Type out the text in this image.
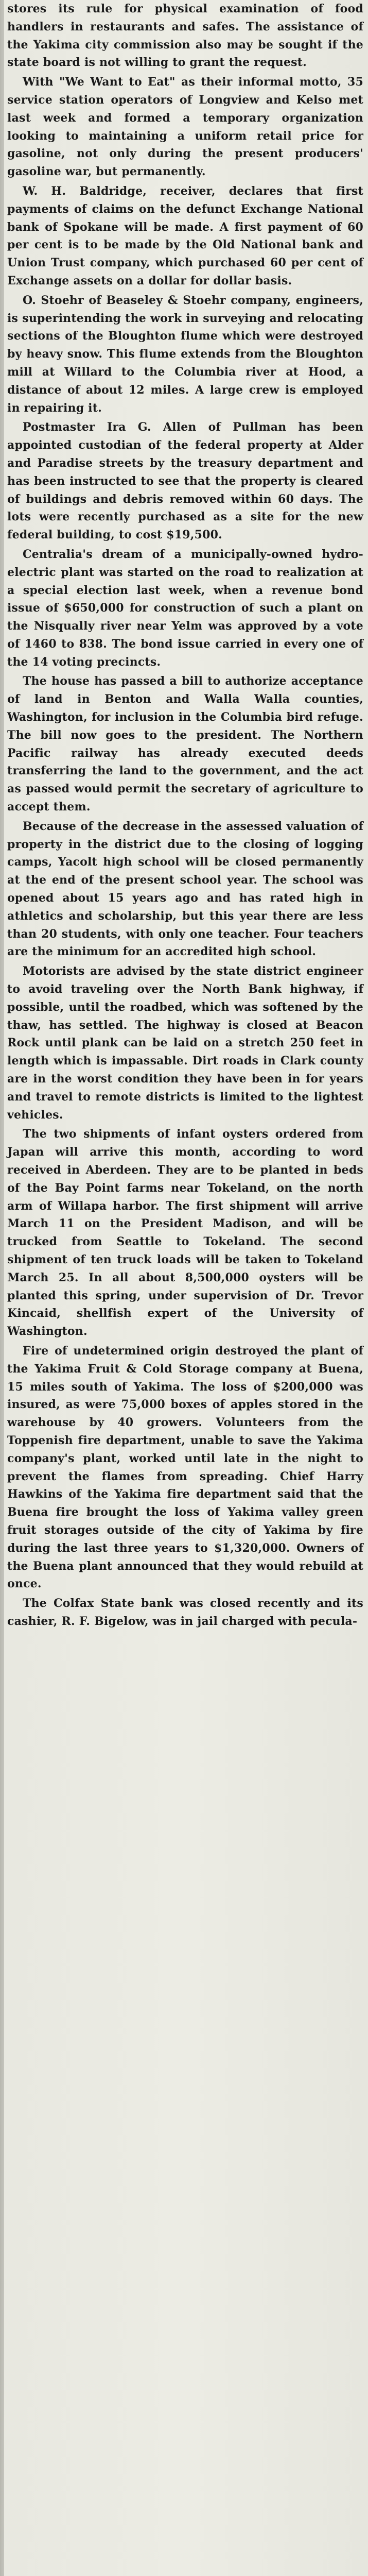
stores its rule for physical examination of food handlers in restaurants and safes. The assistance of the Yakima city commission also may be sought if the state board is not willing to grant the request.

With "We Want to Eat" as their informal motto, 35 service station operators of Longview and Kelso met last week and formed a temporary organization looking to maintaining a uniform retail price for gasoline, not only during the present producers' gasoline war, but permanently.

W. H. Baldridge, receiver, declares that first payments of claims on the defunct Exchange National bank of Spokane will be made. A first payment of 60 per cent is to be made by the Old National bank and Union Trust company, which purchased 60 per cent of Exchange assets on a dollar for dollar basis.

O. Stoehr of Beaseley & Stoehr company, engineers, is superintending the work in surveying and relocating sections of the Bloughton flume which were destroyed by heavy snow. This flume extends from the Bloughton mill at Willard to the Columbia river at Hood, a distance of about 12 miles. A large crew is employed in repairing it.

Postmaster Ira G. Allen of Pullman has been appointed custodian of the federal property at Alder and Paradise streets by the treasury department and has been instructed to see that the property is cleared of buildings and debris removed within 60 days. The lots were recently purchased as a site for the new federal building, to cost $19,500.

Centralia's dream of a municipally-owned hydro-electric plant was started on the road to realization at a special election last week, when a revenue bond issue of $650,000 for construction of such a plant on the Nisqually river near Yelm was approved by a vote of 1460 to 838. The bond issue carried in every one of the 14 voting precincts.

The house has passed a bill to authorize acceptance of land in Benton and Walla Walla counties, Washington, for inclusion in the Columbia bird refuge. The bill now goes to the president. The Northern Pacific railway has already executed deeds transferring the land to the government, and the act as passed would permit the secretary of agriculture to accept them.

Because of the decrease in the assessed valuation of property in the district due to the closing of logging camps, Yacolt high school will be closed permanently at the end of the present school year. The school was opened about 15 years ago and has rated high in athletics and scholarship, but this year there are less than 20 students, with only one teacher. Four teachers are the minimum for an accredited high school.

Motorists are advised by the state district engineer to avoid traveling over the North Bank highway, if possible, until the roadbed, which was softened by the thaw, has settled. The highway is closed at Beacon Rock until plank can be laid on a stretch 250 feet in length which is impassable. Dirt roads in Clark county are in the worst condition they have been in for years and travel to remote districts is limited to the lightest vehicles.

The two shipments of infant oysters ordered from Japan will arrive this month, according to word received in Aberdeen. They are to be planted in beds of the Bay Point farms near Tokeland, on the north arm of Willapa harbor. The first shipment will arrive March 11 on the President Madison, and will be trucked from Seattle to Tokeland. The second shipment of ten truck loads will be taken to Tokeland March 25. In all about 8,500,000 oysters will be planted this spring, under supervision of Dr. Trevor Kincaid, shellfish expert of the University of Washington.

Fire of undetermined origin destroyed the plant of the Yakima Fruit & Cold Storage company at Buena, 15 miles south of Yakima. The loss of $200,000 was insured, as were 75,000 boxes of apples stored in the warehouse by 40 growers. Volunteers from the Toppenish fire department, unable to save the Yakima company's plant, worked until late in the night to prevent the flames from spreading. Chief Harry Hawkins of the Yakima fire department said that the Buena fire brought the loss of Yakima valley green fruit storages outside of the city of Yakima by fire during the last three years to $1,320,000. Owners of the Buena plant announced that they would rebuild at once.

The Colfax State bank was closed recently and its cashier, R. F. Bigelow, was in jail charged with pecula-
